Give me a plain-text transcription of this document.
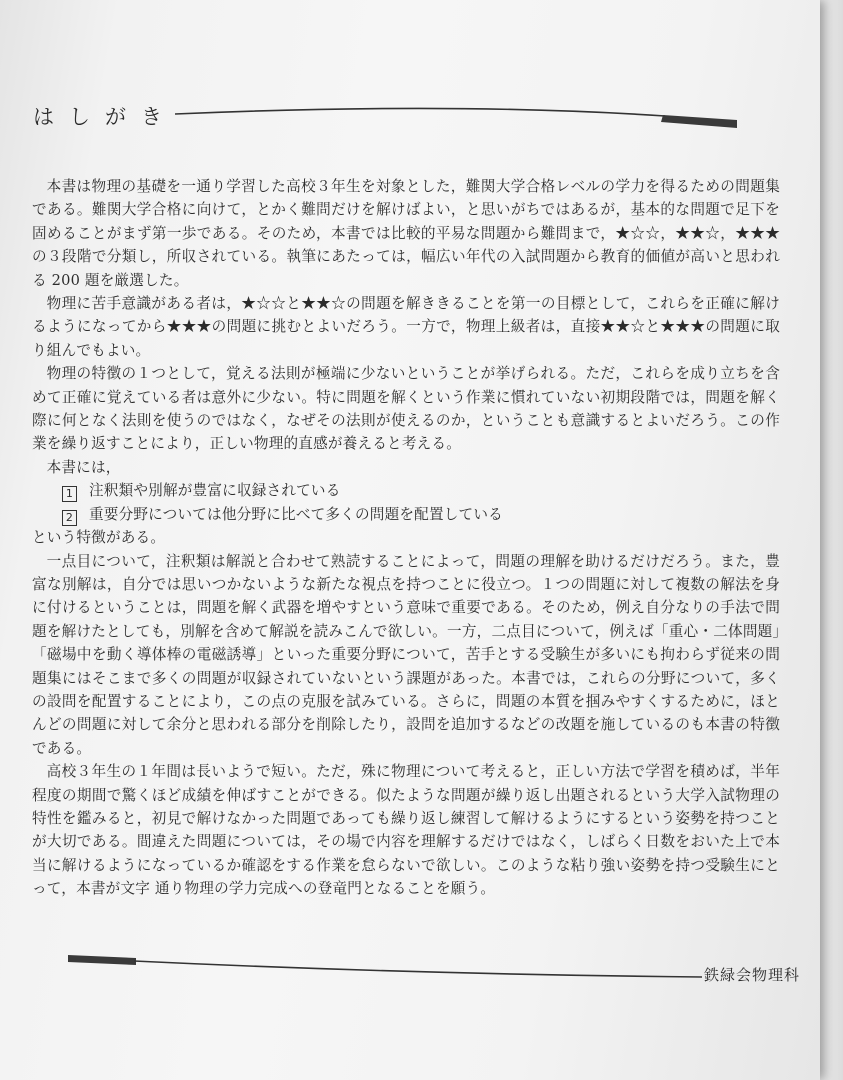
はしがき

本書は物理の基礎を一通り学習した高校３年生を対象とした，難関大学合格レベルの学力を得るための問題集である。難関大学合格に向けて，とかく難問だけを解けばよい，と思いがちではあるが，基本的な問題で足下を固めることがまず第一歩である。そのため，本書では比較的平易な問題から難問まで，★☆☆，★★☆，★★★の３段階で分類し，所収されている。執筆にあたっては，幅広い年代の入試問題から教育的価値が高いと思われる 200 題を厳選した。

物理に苦手意識がある者は，★☆☆と★★☆の問題を解ききることを第一の目標として，これらを正確に解けるようになってから★★★の問題に挑むとよいだろう。一方で，物理上級者は，直接★★☆と★★★の問題に取り組んでもよい。

物理の特徴の１つとして，覚える法則が極端に少ないということが挙げられる。ただ，これらを成り立ちを含めて正確に覚えている者は意外に少ない。特に問題を解くという作業に慣れていない初期段階では，問題を解く際に何となく法則を使うのではなく，なぜその法則が使えるのか，ということも意識するとよいだろう。この作業を繰り返すことにより，正しい物理的直感が養えると考える。

本書には，

1 注釈類や別解が豊富に収録されている

2 重要分野については他分野に比べて多くの問題を配置している

という特徴がある。

一点目について，注釈類は解説と合わせて熟読することによって，問題の理解を助けるだけだろう。また，豊富な別解は，自分では思いつかないような新たな視点を持つことに役立つ。１つの問題に対して複数の解法を身に付けるということは，問題を解く武器を増やすという意味で重要である。そのため，例え自分なりの手法で問題を解けたとしても，別解を含めて解説を読みこんで欲しい。一方，二点目について，例えば「重心・二体問題」「磁場中を動く導体棒の電磁誘導」といった重要分野について，苦手とする受験生が多いにも拘わらず従来の問題集にはそこまで多くの問題が収録されていないという課題があった。本書では，これらの分野について，多くの設問を配置することにより，この点の克服を試みている。さらに，問題の本質を掴みやすくするために，ほとんどの問題に対して余分と思われる部分を削除したり，設問を追加するなどの改題を施しているのも本書の特徴である。

高校３年生の１年間は長いようで短い。ただ，殊に物理について考えると，正しい方法で学習を積めば，半年程度の期間で驚くほど成績を伸ばすことができる。似たような問題が繰り返し出題されるという大学入試物理の特性を鑑みると，初見で解けなかった問題であっても繰り返し練習して解けるようにするという姿勢を持つことが大切である。間違えた問題については，その場で内容を理解するだけではなく，しばらく日数をおいた上で本当に解けるようになっているか確認をする作業を怠らないで欲しい。このような粘り強い姿勢を持つ受験生にとって，本書が文字 通り物理の学力完成への登竜門となることを願う。

鉄緑会物理科
